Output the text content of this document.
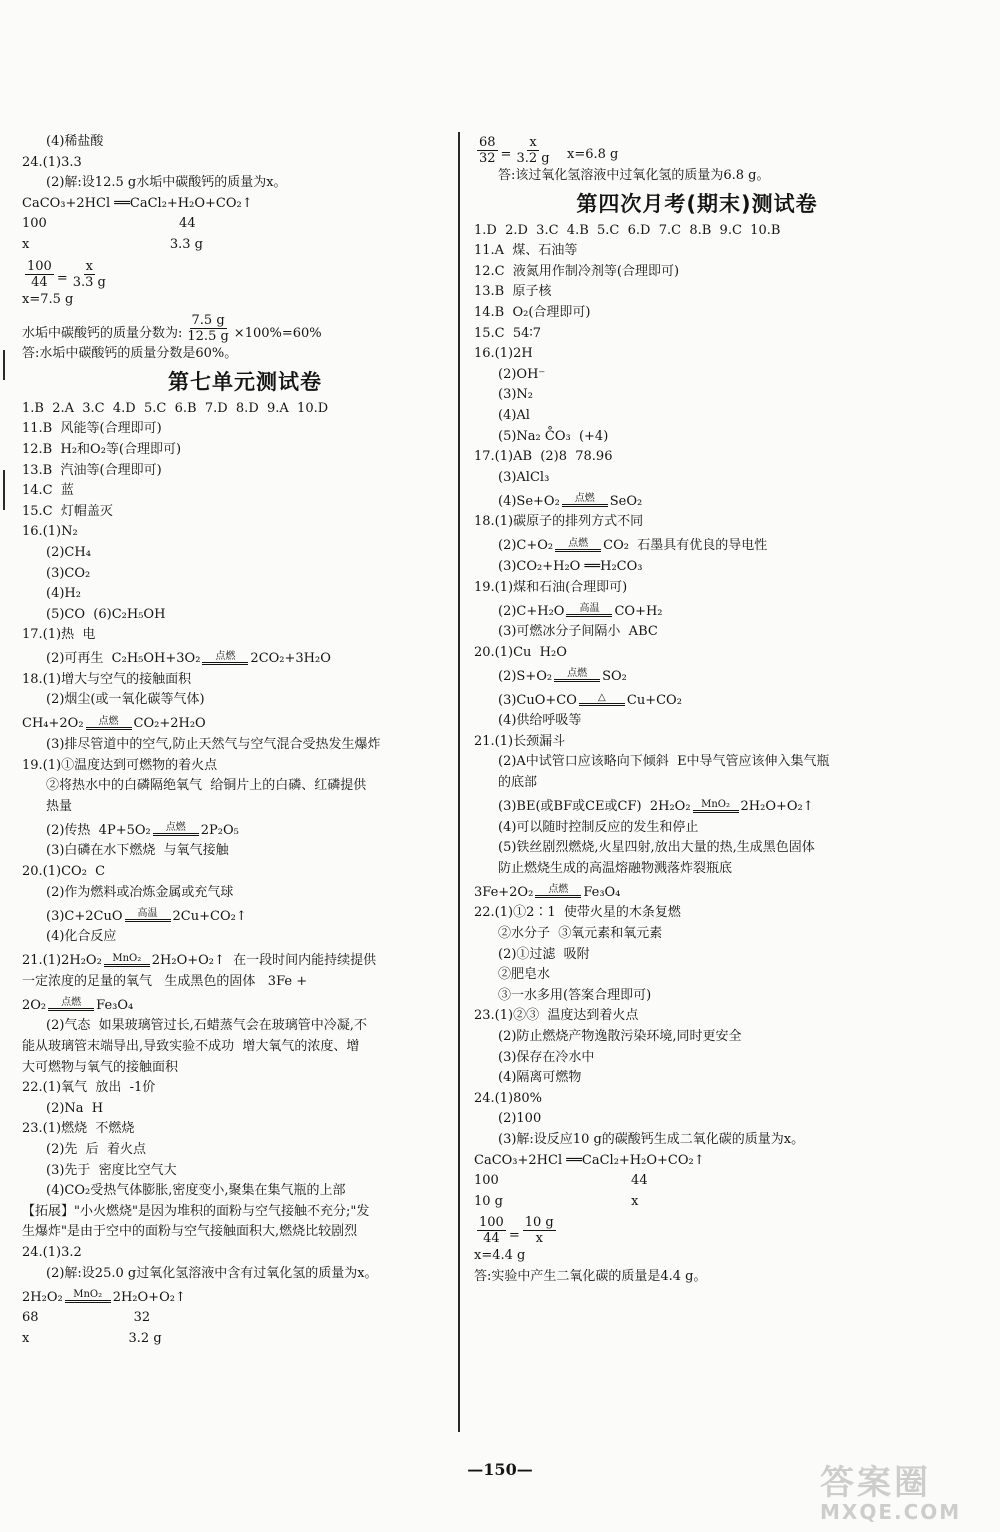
(4)稀盐酸
24.(1)3.3
(2)解:设12.5 g水垢中碳酸钙的质量为x。
CaCO₃+2HCl ══CaCl₂+H₂O+CO₂↑
100                                44
x                                  3.3 g
$\frac{100}{44} = \frac{x}{3.3 g}$
x=7.5 g
水垢中碳酸钙的质量分数为: $\frac{7.5 g}{12.5 g} \times 100\%=60\%$
答:水垢中碳酸钙的质量分数是60%。
第七单元测试卷
1.B  2.A  3.C  4.D  5.C  6.B  7.D  8.D  9.A  10.D
11.B  风能等(合理即可)
12.B  H₂和O₂等(合理即可)
13.B  汽油等(合理即可)
14.C  蓝
15.C  灯帽盖灭
16.(1)N₂
(2)CH₄
(3)CO₂
(4)H₂
(5)CO  (6)C₂H₅OH
17.(1)热  电
(2)可再生  C₂H₅OH+3O₂ 点燃 2CO₂+3H₂O
18.(1)增大与空气的接触面积
(2)烟尘(或一氧化碳等气体)
CH₄+2O₂ 点燃 CO₂+2H₂O
(3)排尽管道中的空气,防止天然气与空气混合受热发生爆炸
19.(1)①温度达到可燃物的着火点
②将热水中的白磷隔绝氧气  给铜片上的白磷、红磷提供
热量
(2)传热  4P+5O₂ 点燃 2P₂O₅
(3)白磷在水下燃烧  与氧气接触
20.(1)CO₂  C
(2)作为燃料或冶炼金属或充气球
(3)C+2CuO 高温 2Cu+CO₂↑
(4)化合反应
21.(1)2H₂O₂ MnO₂ 2H₂O+O₂↑  在一段时间内能持续提供
一定浓度的足量的氧气   生成黑色的固体   3Fe +
2O₂ 点燃 Fe₃O₄
(2)气态  如果玻璃管过长,石蜡蒸气会在玻璃管中冷凝,不
能从玻璃管末端导出,导致实验不成功  增大氧气的浓度、增
大可燃物与氧气的接触面积
22.(1)氧气  放出  -1价
(2)Na  H
23.(1)燃烧  不燃烧
(2)先  后  着火点
(3)先于  密度比空气大
(4)CO₂受热气体膨胀,密度变小,聚集在集气瓶的上部
【拓展】"小火燃烧"是因为堆积的面粉与空气接触不充分;"发
生爆炸"是由于空中的面粉与空气接触面积大,燃烧比较剧烈
24.(1)3.2
(2)解:设25.0 g过氧化氢溶液中含有过氧化氢的质量为x。
2H₂O₂ MnO₂ 2H₂O+O₂↑
68                       32
x                        3.2 g
$\frac{68}{32} = \frac{x}{3.2 g} x=6.8$ g
答:该过氧化氢溶液中过氧化氢的质量为6.8 g。
第四次月考(期末)测试卷
1.D  2.D  3.C  4.B  5.C  6.D  7.C  8.B  9.C  10.B
11.A  煤、石油等
12.C  液氮用作制冷剂等(合理即可)
13.B  原子核
14.B  O₂(合理即可)
15.C  54∶7
16.(1)2H
(2)OH⁻
(3)N₂
(4)Al
(5)Na₂ C̊O₃  (+4)
17.(1)AB  (2)8  78.96
(3)AlCl₃
(4)Se+O₂ 点燃 SeO₂
18.(1)碳原子的排列方式不同
(2)C+O₂ 点燃 CO₂  石墨具有优良的导电性
(3)CO₂+H₂O ══H₂CO₃
19.(1)煤和石油(合理即可)
(2)C+H₂O 高温 CO+H₂
(3)可燃冰分子间隔小  ABC
20.(1)Cu  H₂O
(2)S+O₂ 点燃 SO₂
(3)CuO+CO △ Cu+CO₂
(4)供给呼吸等
21.(1)长颈漏斗
(2)A中试管口应该略向下倾斜  E中导气管应该伸入集气瓶
的底部
(3)BE(或BF或CE或CF)  2H₂O₂ MnO₂ 2H₂O+O₂↑
(4)可以随时控制反应的发生和停止
(5)铁丝剧烈燃烧,火星四射,放出大量的热,生成黑色固体
防止燃烧生成的高温熔融物溅落炸裂瓶底
3Fe+2O₂ 点燃 Fe₃O₄
22.(1)①2∶1  使带火星的木条复燃
②水分子  ③氧元素和氧元素
(2)①过滤  吸附
②肥皂水
③一水多用(答案合理即可)
23.(1)②③  温度达到着火点
(2)防止燃烧产物逸散污染环境,同时更安全
(3)保存在冷水中
(4)隔离可燃物
24.(1)80%
(2)100
(3)解:设反应10 g的碳酸钙生成二氧化碳的质量为x。
CaCO₃+2HCl ══CaCl₂+H₂O+CO₂↑
100                                44
10 g                               x
$\frac{100}{44} = \frac{10 g}{x}$
x=4.4 g
答:实验中产生二氧化碳的质量是4.4 g。
—150—	答案圈
MXQE.COM
